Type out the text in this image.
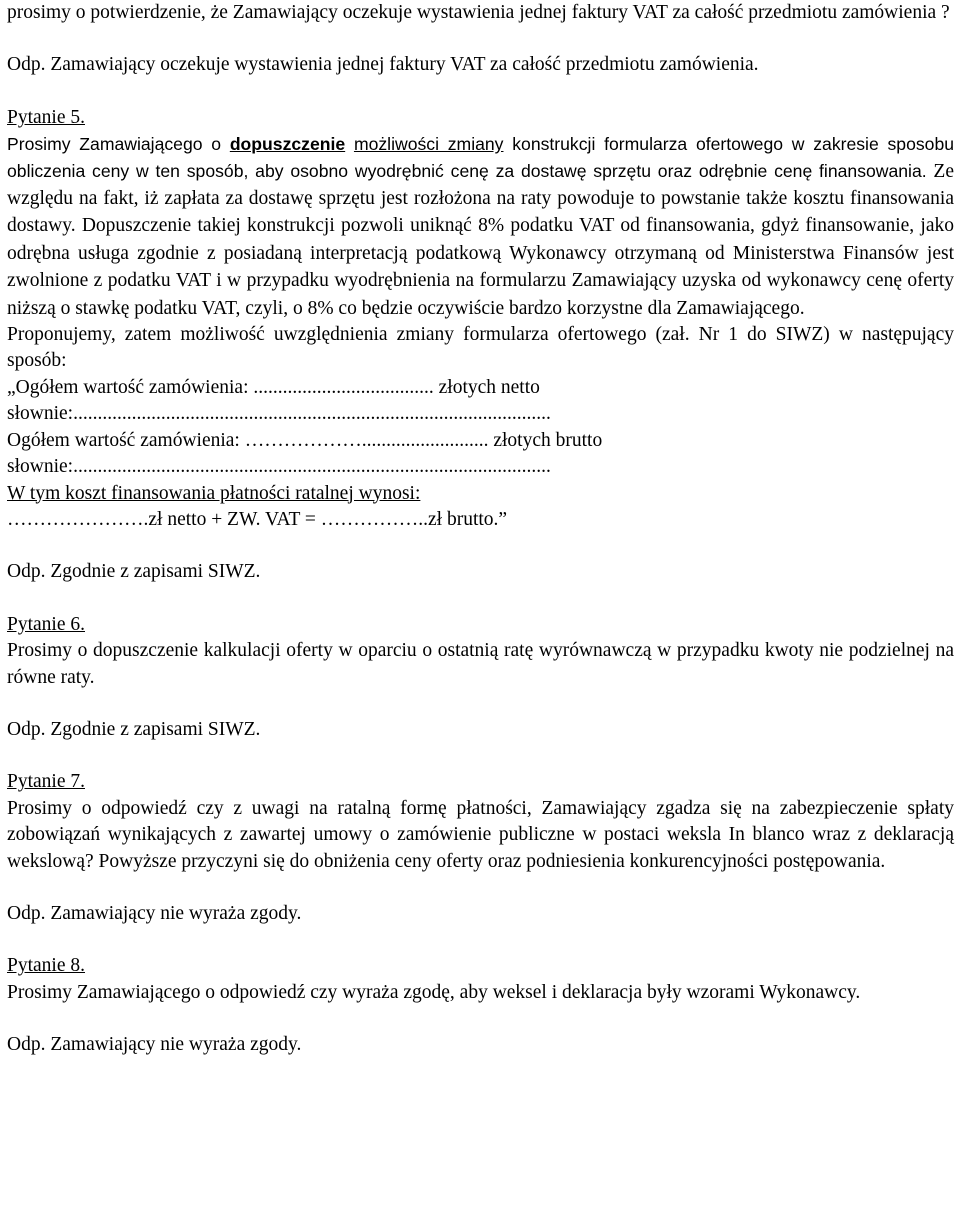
prosimy o potwierdzenie, że Zamawiający oczekuje wystawienia jednej faktury VAT za całość przedmiotu zamówienia ?

Odp. Zamawiający oczekuje wystawienia jednej faktury VAT za całość przedmiotu zamówienia.

Pytanie 5.

Prosimy Zamawiającego o dopuszczenie możliwości zmiany konstrukcji formularza ofertowego w zakresie sposobu obliczenia ceny w ten sposób, aby osobno wyodrębnić cenę za dostawę sprzętu oraz odrębnie cenę finansowania. Ze względu na fakt, iż zapłata za dostawę sprzętu jest rozłożona na raty powoduje to powstanie także kosztu finansowania dostawy. Dopuszczenie takiej konstrukcji pozwoli uniknąć 8% podatku VAT od finansowania, gdyż finansowanie, jako odrębna usługa zgodnie z posiadaną interpretacją podatkową Wykonawcy otrzymaną od Ministerstwa Finansów jest zwolnione z podatku VAT i w przypadku wyodrębnienia na formularzu Zamawiający uzyska od wykonawcy cenę oferty niższą o stawkę podatku VAT, czyli, o 8% co będzie oczywiście bardzo korzystne dla Zamawiającego.

Proponujemy, zatem możliwość uwzględnienia zmiany formularza ofertowego (zał. Nr 1 do SIWZ) w następujący sposób:

„Ogółem wartość zamówienia: ..................................... złotych netto

słownie:..................................................................................................

Ogółem wartość zamówienia: ……………….......................... złotych brutto

słownie:..................................................................................................

W tym koszt finansowania płatności ratalnej wynosi:

………………….zł netto + ZW. VAT = ……………..zł brutto.”

Odp. Zgodnie z zapisami SIWZ.

Pytanie 6.

Prosimy o dopuszczenie kalkulacji oferty w oparciu o ostatnią ratę wyrównawczą w przypadku kwoty nie podzielnej na równe raty.

Odp. Zgodnie z zapisami SIWZ.

Pytanie 7.

Prosimy o odpowiedź czy z uwagi na ratalną formę płatności, Zamawiający zgadza się na zabezpieczenie spłaty zobowiązań wynikających z zawartej umowy o zamówienie publiczne w postaci weksla In blanco wraz z deklaracją wekslową? Powyższe przyczyni się do obniżenia ceny oferty oraz podniesienia konkurencyjności postępowania.

Odp. Zamawiający nie wyraża zgody.

Pytanie 8.

Prosimy Zamawiającego o odpowiedź czy wyraża zgodę, aby weksel i deklaracja były wzorami Wykonawcy.

Odp. Zamawiający nie wyraża zgody.
